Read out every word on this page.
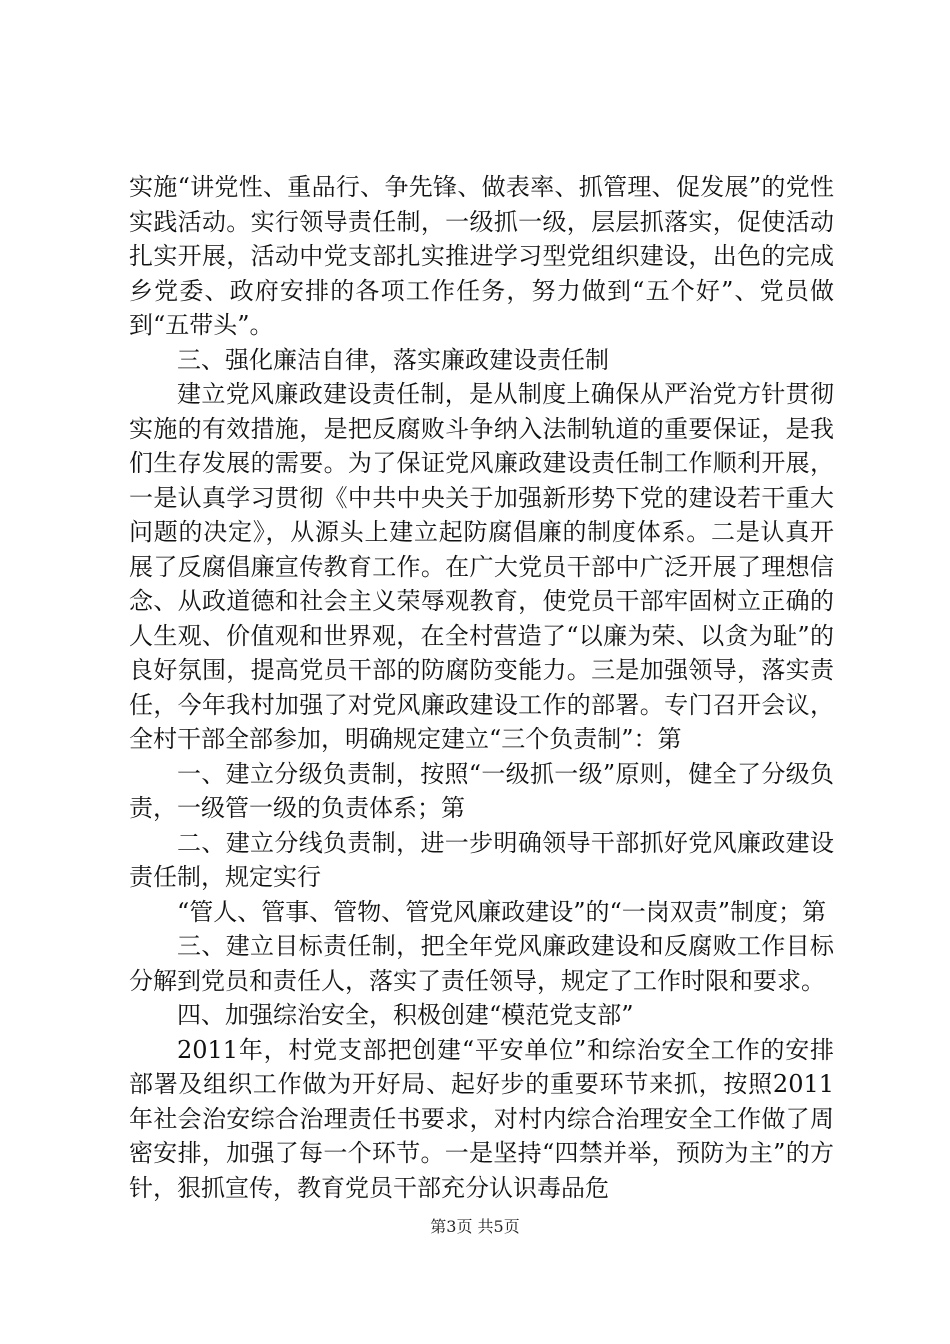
实施“讲党性、重品行、争先锋、做表率、抓管理、促发展”的党性实践活动。实行领导责任制，一级抓一级，层层抓落实，促使活动扎实开展，活动中党支部扎实推进学习型党组织建设，出色的完成乡党委、政府安排的各项工作任务，努力做到“五个好”、党员做到“五带头”。

三、强化廉洁自律，落实廉政建设责任制

建立党风廉政建设责任制，是从制度上确保从严治党方针贯彻实施的有效措施，是把反腐败斗争纳入法制轨道的重要保证，是我们生存发展的需要。为了保证党风廉政建设责任制工作顺利开展，一是认真学习贯彻《中共中央关于加强新形势下党的建设若干重大问题的决定》，从源头上建立起防腐倡廉的制度体系。二是认真开展了反腐倡廉宣传教育工作。在广大党员干部中广泛开展了理想信念、从政道德和社会主义荣辱观教育，使党员干部牢固树立正确的人生观、价值观和世界观，在全村营造了“以廉为荣、以贪为耻”的良好氛围，提高党员干部的防腐防变能力。三是加强领导，落实责任，今年我村加强了对党风廉政建设工作的部署。专门召开会议，全村干部全部参加，明确规定建立“三个负责制”：第

一、建立分级负责制，按照“一级抓一级”原则，健全了分级负责，一级管一级的负责体系；第

二、建立分线负责制，进一步明确领导干部抓好党风廉政建设责任制，规定实行

“管人、管事、管物、管党风廉政建设”的“一岗双责”制度；第

三、建立目标责任制，把全年党风廉政建设和反腐败工作目标分解到党员和责任人，落实了责任领导，规定了工作时限和要求。

四、加强综治安全，积极创建“模范党支部”

2011年，村党支部把创建“平安单位”和综治安全工作的安排部署及组织工作做为开好局、起好步的重要环节来抓，按照2011年社会治安综合治理责任书要求，对村内综合治理安全工作做了周密安排，加强了每一个环节。一是坚持“四禁并举，预防为主”的方针，狠抓宣传，教育党员干部充分认识毒品危

第3页 共5页
